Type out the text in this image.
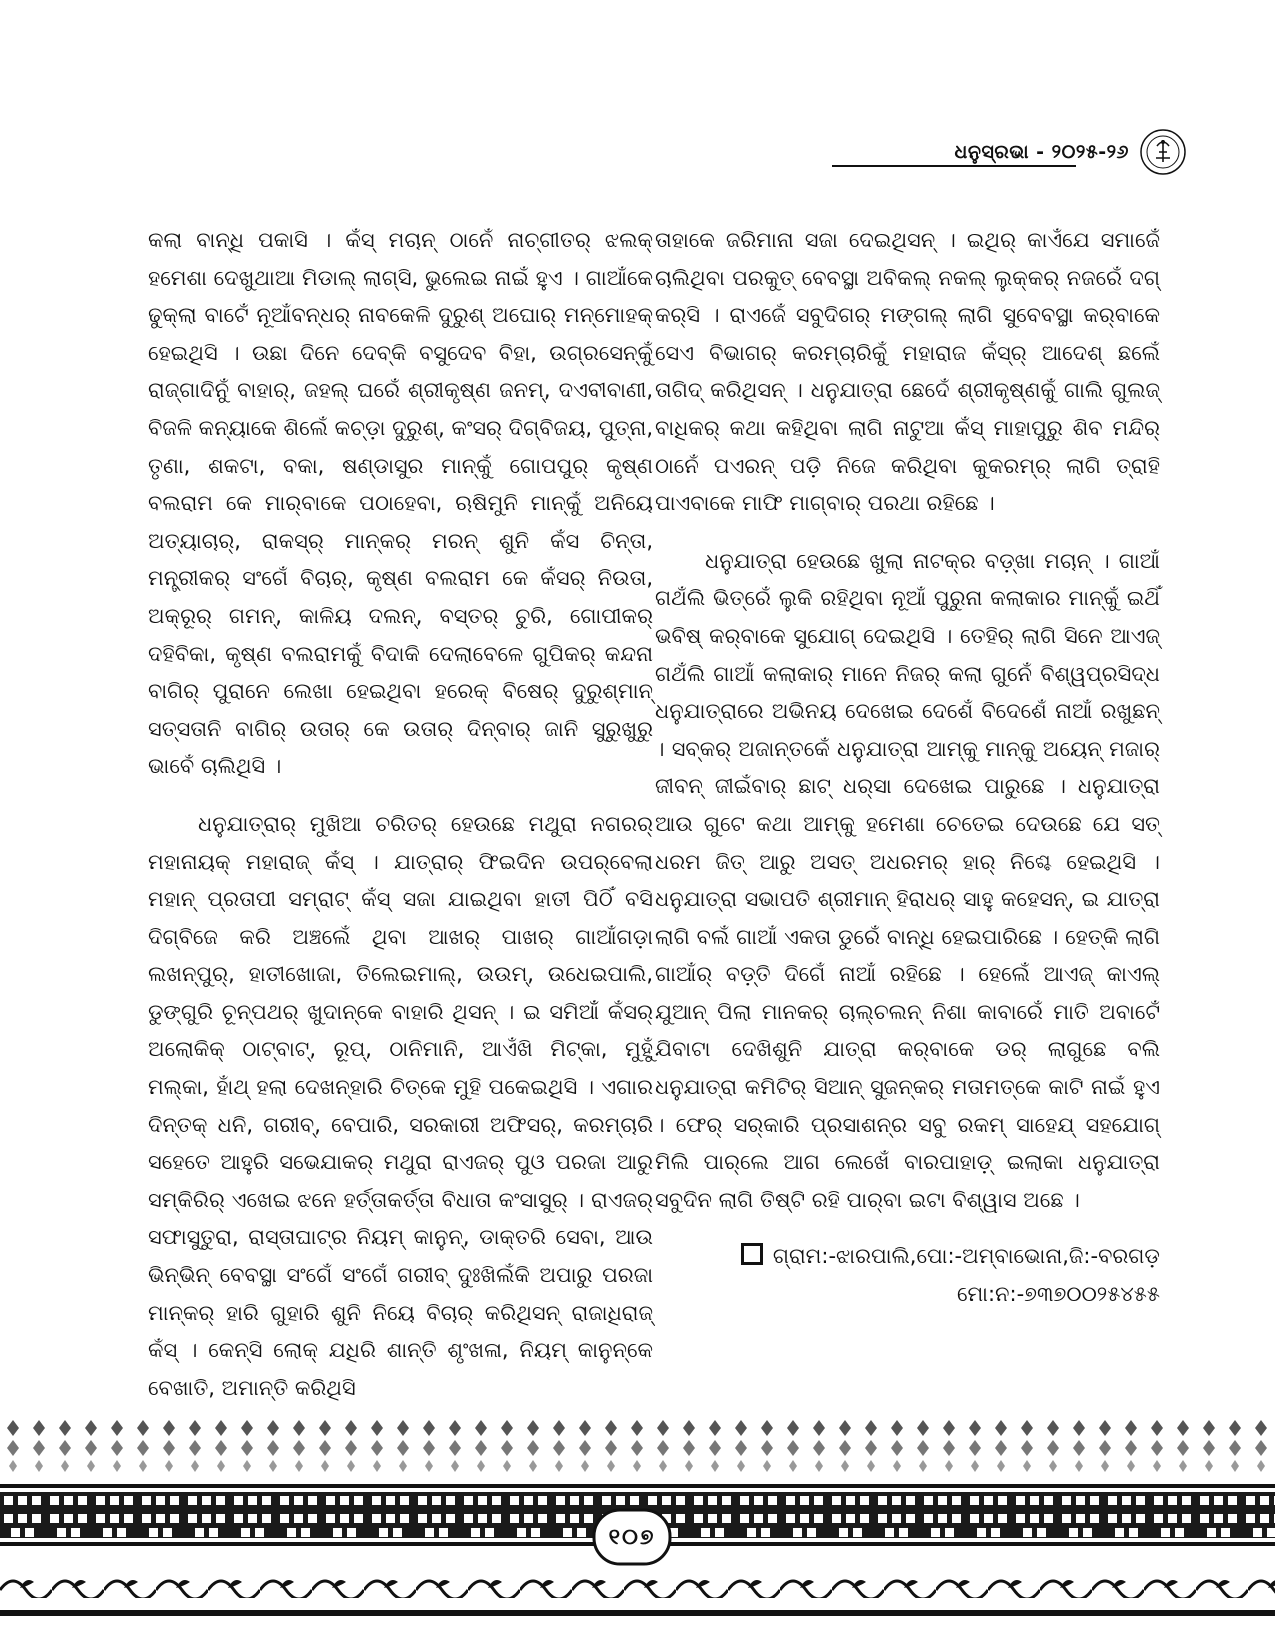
ଧନୁସ୍ରଭା - ୨୦୨୫-୨୬

କଲା ବାନ୍ଧି ପକାସି । କଁସ୍ ମଚାନ୍ ଠାନେଁ ନାଚ୍‌ଗୀତର୍ ଝଲକ୍ ହମେଶା ଦେଖୁଥାଆ ମିଡାଲ୍ ଲାଗ୍‌ସି, ଭୁଲେଇ ନାଇଁ ହୁଏ । ଗାଆଁକେ ଢୁକ୍‌ଲା ବାଟେଁ ନୂଆଁବନ୍ଧର୍ ନାବକେଳି ଦୁରୁଶ୍ ଅଘୋର୍ ମନ୍‌ମୋହକ୍ ହେଇଥିସି । ଉଛା ଦିନେ ଦେବ୍‌କି ବସୁଦେବ ବିହା, ଉଗ୍ରସେନ୍‌କୁଁ ରାଜ୍‌ଗାଦିନୁଁ ବାହାର୍, ଜହଲ୍ ଘରେଁ ଶ୍ରୀକୃଷ୍ଣ ଜନମ୍, ଦଏବୀବାଣୀ, ବିଜଳି କନ୍ୟାକେ ଶିଲେଁ କଚ୍‌ଡ଼ା ଦୁରୁଶ୍, କଂସର୍ ଦିଗ୍‌ବିଜୟ, ପୁତ୍‌ନା, ତୃଣା, ଶକଟା, ବକା, ଷଣ୍ଡାସୁର ମାନ୍‌କୁଁ ଗୋପପୁର୍ କୃଷ୍ଣ ବଲରାମ କେ ମାର୍‌ବାକେ ପଠାହେବା, ଋଷିମୁନି ମାନ୍‌କୁଁ ଅନିୟେ ଅତ୍ୟାଚାର୍, ରାକସ୍‌ର୍ ମାନ୍‌କର୍ ମରନ୍ ଶୁନି କଁସ ଚିନ୍ତା, ମନ୍ତ୍ରୀକର୍ ସଂଗେଁ ବିଚାର୍, କୃଷ୍ଣ ବଲରାମ କେ କଁସର୍ ନିଉତା, ଅକ୍ରୂର୍ ଗମନ୍, କାଳିୟ ଦଲନ୍, ବସ୍‌ତର୍ ଚୁରି, ଗୋପୀକର୍ ଦହିବିକା, କୃଷ୍ଣ ବଲରାମକୁଁ ବିଦାକି ଦେଲାବେଳେ ଗୁପିକର୍ କନ୍ଦନା ବାଗିର୍ ପୁରାନେ ଲେଖା ହେଇଥିବା ହରେକ୍ ବିଷେର୍ ଦୁରୁଶ୍‌ମାନ୍ ସତ୍‌ସତାନି ବାଗିର୍ ଉତାର୍ କେ ଉତାର୍ ଦିନ୍‌ବାର୍ ଜାନି ସୁରୁଖୁରୁ ଭାବେଁ ଚାଲିଥିସି ।

ଧନୁଯାତ୍ରାର୍ ମୁଖିଆ ଚରିତର୍ ହେଉଛେ ମଥୁରା ନଗରର୍ ମହାନାୟକ୍ ମହାରାଜ୍ କଁସ୍ । ଯାତ୍ରାର୍ ଫିଇଦିନ ଉପର୍‌ବେଲା ମହାନ୍ ପ୍ରତାପୀ ସମ୍ରାଟ୍ କଁସ୍ ସଜା ଯାଇଥିବା ହାତୀ ପିଠିଁ ବସି ଦିଗ୍‌ବିଜେ କରି ଅଞ୍ଚଲେଁ ଥିବା ଆଖର୍ ପାଖର୍ ଗାଆଁଗଡ଼ା ଲଖନ୍‌ପୁର୍, ହାତୀଖୋଜା, ତିଲେଇମାଲ୍, ଉଉମ୍, ଉଧେଇପାଲି, ଡୁଙ୍ଗୁରି ଚୂନ୍‌ପଥର୍ ଖୁଦାନ୍‌କେ ବାହାରି ଥିସନ୍ । ଇ ସମିଆଁଁ କଁସର୍ ଅଲୋକିକ୍ ଠାଟ୍‌ବାଟ୍, ରୂପ୍, ଠାନିମାନି, ଆଏଁଖି ମିଟ୍‌କା, ମୁହୁଁ ମଲ୍‌କା, ହାଁଥ୍ ହଲା ଦେଖନ୍‌ହାରି ଚିତ୍‌କେ ମୁହି ପକେଇଥିସି । ଏଗାର ଦିନ୍‌ତକ୍ ଧନି, ଗରୀବ୍, ବେପାରି, ସରକାରୀ ଅଫିସର୍, କରମ୍‌ଚାରି ସହେତେ ଆହୁରି ସଭେଯାକର୍ ମଥୁରା ରାଏଜର୍ ପୁଓ ପରଜା ଆରୁ ସମ୍‌କିରିର୍ ଏଖେଇ ଝନେ ହର୍ତ୍ତାକର୍ତ୍ତା ବିଧାତା କଂସାସୁର୍ । ରାଏଜର୍ ସଫାସୁତୁରା, ରାସ୍ତାଘାଟ୍‌ର ନିୟମ୍ କାନୁନ୍, ଡାକ୍ତରି ସେବା, ଆଉ ଭିନ୍‌ଭିନ୍ ବେବସ୍ଥା ସଂଗେଁ ସଂଗେଁ ଗରୀବ୍ ଦୁଃଖିଲଁକି ଅପାରୁ ପରଜା ମାନ୍‌କର୍ ହାରି ଗୁହାରି ଶୁନି ନିୟେ ବିଚାର୍ କରିଥିସନ୍ ରାଜାଧିରାଜ୍ କଁସ୍ । କେନ୍‌ସି ଲୋକ୍ ଯଧିରି ଶାନ୍ତି ଶୃଂଖଳା, ନିୟମ୍ କାନୁନ୍‌କେ ବେଖାତି, ଅମାନ୍ତି କରିଥିସି

ତାହାକେ ଜରିମାନା ସଜା ଦେଇଥିସନ୍ । ଇଥିର୍ କାଏଁଯେ ସମାଜେଁ ଚାଲିଥିବା ପରକୁତ୍ ବେବସ୍ଥା ଅବିକଲ୍ ନକଲ୍ ଲୁକ୍‌କର୍ ନଜରେଁ ଦଗ୍ କର୍‌ସି । ରାଏଜେଁ ସବୁଦିଗର୍ ମଙ୍ଗଲ୍ ଲାଗି ସୁବେବସ୍ଥା କର୍‌ବାକେ ସେଏ ବିଭାଗର୍ କରମ୍‌ଚାରିକୁଁ ମହାରାଜ କଁସ୍‌ର୍ ଆଦେଶ୍ ଛଲେଁ ତାଗିଦ୍ କରିଥିସନ୍ । ଧନୁଯାତ୍ରା ଛେଦେଁ ଶ୍ରୀକୃଷ୍ଣକୁଁ ଗାଲି ଗୁଲଜ୍ ବାଧିକର୍ କଥା କହିଥିବା ଲାଗି ନାଟୁଆ କଁସ୍ ମାହାପୁରୁ ଶିବ ମନ୍ଦିର୍ ଠାନେଁ ପଏରନ୍ ପଡ଼ି ନିଜେ କରିଥିବା କୁକରମ୍‌ର୍ ଲାଗି ତ୍ରାହି ପାଏବାକେ ମାଫି ମାଗ୍‌ବାର୍ ପରଥା ରହିଛେ ।

ଧନୁଯାତ୍ରା ହେଉଛେ ଖୁଲା ନାଟକ୍‌ର ବଡ଼୍‌ଖା ମଚାନ୍ । ଗାଆଁ ଗଥଁଲି ଭିତ୍‌ରେଁ ଲୁକି ରହିଥିବା ନୂଆଁ ପୁରୁନା କଲାକାର ମାନ୍‌କୁଁ ଇଥିଁ ଭବିଷ୍ କର୍‌ବାକେ ସୁଯୋଗ୍ ଦେଇଥିସି । ତେହିର୍ ଲାଗି ସିନେ ଆଏଜ୍ ଗଥଁଲି ଗାଆଁ କଲାକାର୍ ମାନେ ନିଜର୍ କଲା ଗୁନେଁ ବିଶ୍ୱପ୍ରସିଦ୍ଧ ଧନୁଯାତ୍ରାରେ ଅଭିନୟ ଦେଖେଇ ଦେଶେଁ ବିଦେଶେଁ ନାଆଁ ରଖୁଛନ୍ । ସବ୍‌କର୍ ଅଜାନ୍‌ତକେଁ ଧନୁଯାତ୍ରା ଆମ୍‌କୁ ମାନ୍‌କୁ ଅୟେନ୍ ମଜାର୍ ଜୀବନ୍ ଜୀଇଁବାର୍ ଛାଟ୍ ଧର୍‌ସା ଦେଖେଇ ପାରୁଛେ । ଧନୁଯାତ୍ରା ଆଉ ଗୁଟେ କଥା ଆମ୍‌କୁ ହମେଶା ଚେତେଇ ଦେଉଛେ ଯେ ସତ୍ ଧରମ ଜିତ୍ ଆରୁ ଅସତ୍ ଅଧରମର୍ ହାର୍ ନିଶ୍ଚେ ହେଇଥିସି । ଧନୁଯାତ୍ରା ସଭାପତି ଶ୍ରୀମାନ୍ ହିରାଧର୍ ସାହୁ କହେସନ୍, ଇ ଯାତ୍ରା ଲାଗି ବଲଁ ଗାଆଁ ଏକତା ଡୁରେଁ ବାନ୍ଧି ହେଇପାରିଛେ । ହେତ୍‌କି ଲାଗି ଗାଆଁର୍ ବଡ଼୍‌ତି ଦିଗେଁ ନାଆଁ ରହିଛେ । ହେଲେଁ ଆଏଜ୍ କାଏଲ୍ ଯୁଆନ୍ ପିଲା ମାନକର୍ ଚାଲ୍‌ଚଲନ୍ ନିଶା କାବାରେଁ ମାତି ଅବାଟେଁ ଯିବାଟା ଦେଖିଶୁନି ଯାତ୍ରା କର୍‌ବାକେ ଡର୍ ଲାଗୁଛେ ବଲି ଧନୁଯାତ୍ରା କମିଟିର୍ ସିଆନ୍ ସୁଜନ୍‌କର୍ ମତାମତ୍‌କେ କାଟି ନାଇଁ ହୁଏ । ଫେର୍ ସର୍‌କାରି ପ୍ରସାଶନ୍‌ର ସବୁ ରକମ୍ ସାହେଯ୍ ସହଯୋଗ୍ ମିଲି ପାର୍‌ଲେ ଆଗ ଲେଖେଁ ବାରପାହାଡ଼୍ ଇଲାକା ଧନୁଯାତ୍ରା ସବୁଦିନ ଲାଗି ତିଷ୍ଟି ରହି ପାର୍‌ବା ଇଟା ବିଶ୍ୱାସ ଅଛେ ।

ଗ୍ରାମ:-ଝାରପାଲି,ପୋ:-ଅମ୍ବାଭୋନା,ଜି:-ବରଗଡ଼
ମୋ:ନ:-୭୩୭୦୦୨୫୪୫୫
୧୦୭
